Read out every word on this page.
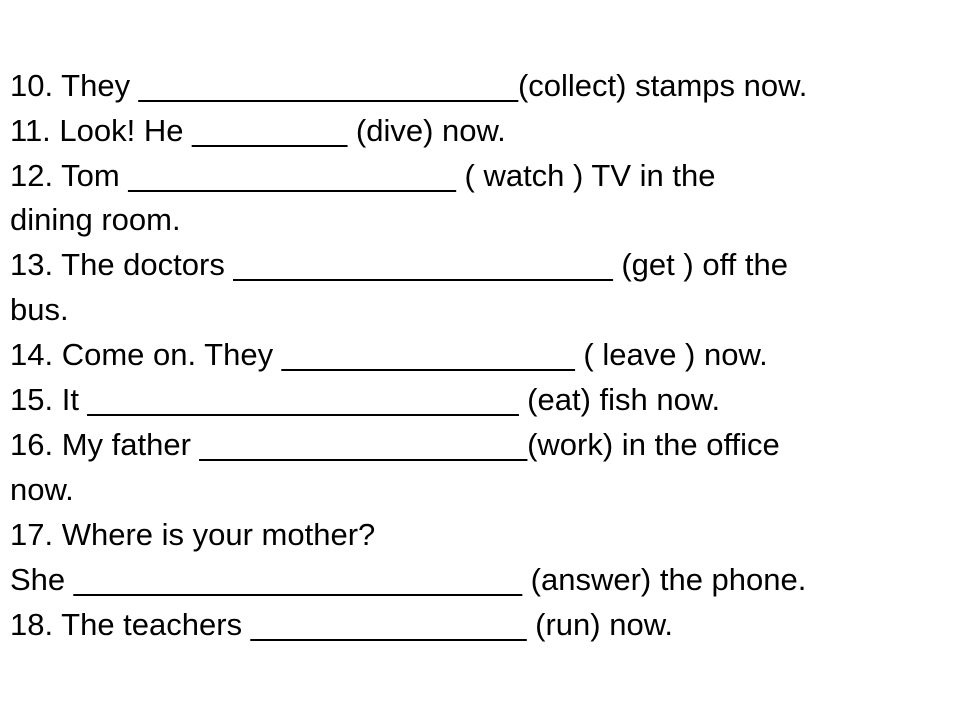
10. They ______________________(collect) stamps now.
11. Look! He _________ (dive) now.
12. Tom ___________________ ( watch ) TV in the
dining room.
13. The doctors ______________________ (get ) off the
bus.
14. Come on. They _________________ ( leave ) now.
15. It _________________________ (eat) fish now.
16. My father ___________________(work) in the office
now.
17. Where is your mother?
She __________________________ (answer) the phone.
18. The teachers ________________ (run) now.
